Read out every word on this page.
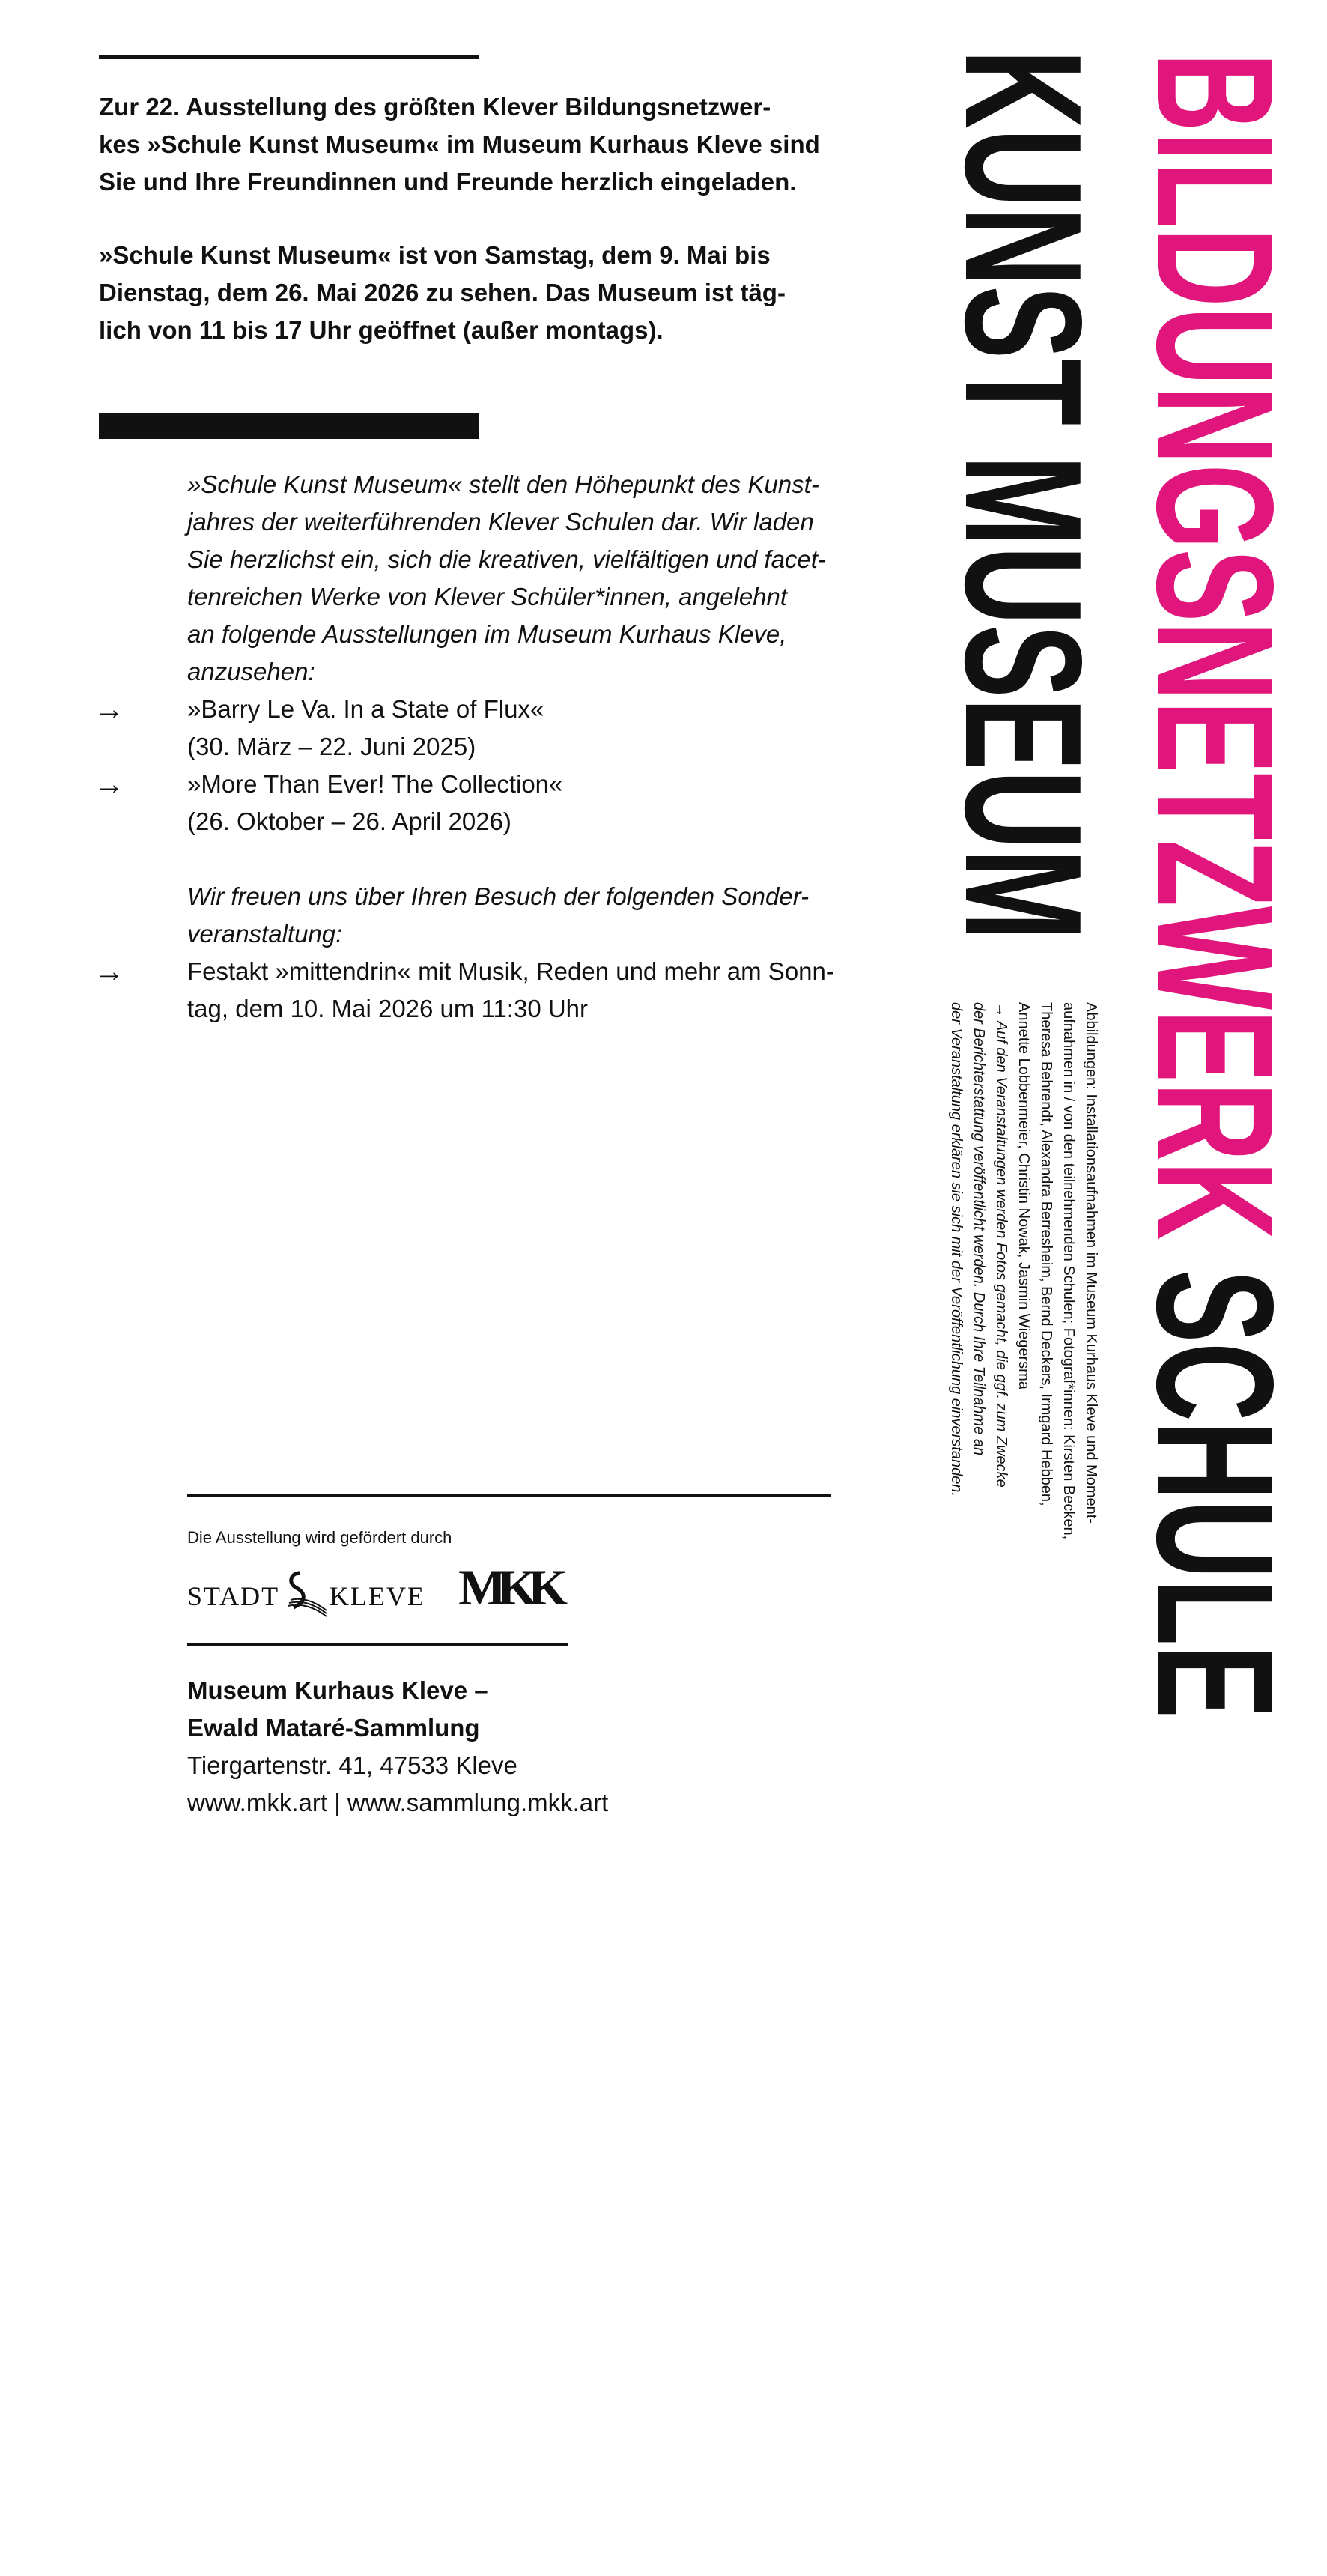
Zur 22. Ausstellung des größten Klever Bildungsnetzwer-
kes »Schule Kunst Museum« im Museum Kurhaus Kleve sind
Sie und Ihre Freundinnen und Freunde herzlich eingeladen.
»Schule Kunst Museum« ist von Samstag, dem 9. Mai bis
Dienstag, dem 26. Mai 2026 zu sehen. Das Museum ist täg-
lich von 11 bis 17 Uhr geöffnet (außer montags).

»Schule Kunst Museum« stellt den Höhepunkt des Kunst-

jahres der weiterführenden Klever Schulen dar. Wir laden

Sie herzlichst ein, sich die kreativen, vielfältigen und facet-

tenreichen Werke von Klever Schüler*innen, angelehnt

an folgende Ausstellungen im Museum Kurhaus Kleve,

anzusehen:

→	»Barry Le Va. In a State of Flux«

(30. März – 22. Juni 2025)

→	»More Than Ever! The Collection«

(26. Oktober – 26. April 2026)

Wir freuen uns über Ihren Besuch der folgenden Sonder-

veranstaltung:

→	Festakt »mittendrin« mit Musik, Reden und mehr am Sonn-

tag, dem 10. Mai 2026 um 11:30 Uhr

Die Ausstellung wird gefördert durch
STADT KLEVE MKK

Museum Kurhaus Kleve –

Ewald Mataré-Sammlung

Tiergartenstr. 41, 47533 Kleve

www.mkk.art | www.sammlung.mkk.art

BILDUNGSNETZWERK SCHULE
KUNST MUSEUM

Abbildungen: Installationsaufnahmen im Museum Kurhaus Kleve und Moment-

aufnahmen in / von den teilnehmenden Schulen; Fotograf*innen: Kirsten Becken,

Theresa Behrendt, Alexandra Berresheim, Bernd Deckers, Irmgard Hebben,

Annette Lobbenmeier, Christin Nowak, Jasmin Wiegersma

→ Auf den Veranstaltungen werden Fotos gemacht, die ggf. zum Zwecke

der Berichterstattung veröffentlicht werden. Durch Ihre Teilnahme an

der Veranstaltung erklären sie sich mit der Veröffentlichung einverstanden.
